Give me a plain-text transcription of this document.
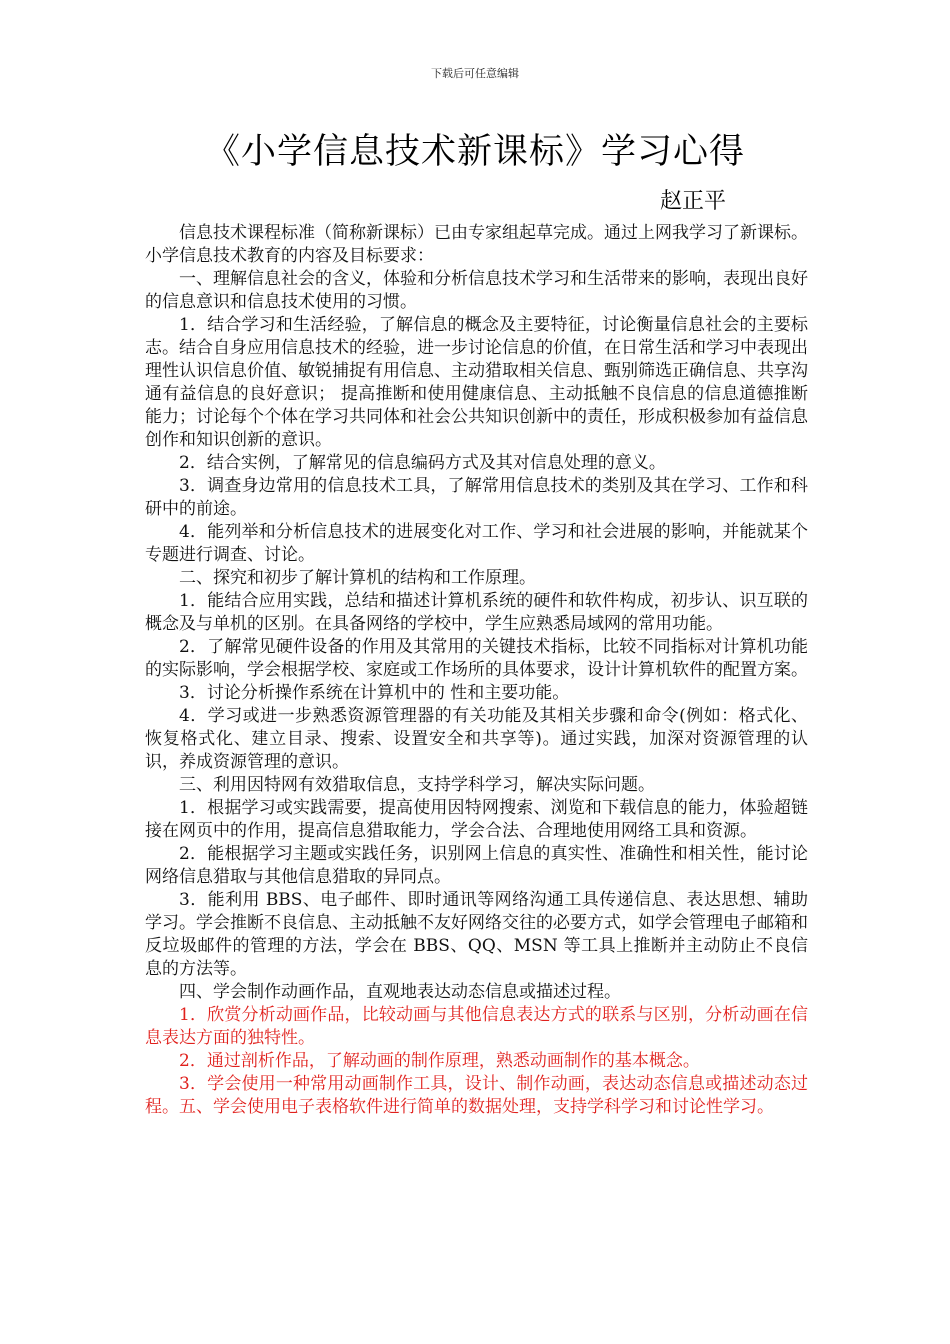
下载后可任意编辑
《小学信息技术新课标》学习心得
赵正平

信息技术课程标准（简称新课标）已由专家组起草完成。通过上网我学习了新课标。小学信息技术教育的内容及目标要求：

一、理解信息社会的含义，体验和分析信息技术学习和生活带来的影响，表现出良好的信息意识和信息技术使用的习惯。

1．结合学习和生活经验，了解信息的概念及主要特征，讨论衡量信息社会的主要标志。结合自身应用信息技术的经验，进一步讨论信息的价值，在日常生活和学习中表现出理性认识信息价值、敏锐捕捉有用信息、主动猎取相关信息、甄别筛选正确信息、共享沟通有益信息的良好意识； 提高推断和使用健康信息、主动抵触不良信息的信息道德推断能力；讨论每个个体在学习共同体和社会公共知识创新中的责任，形成积极参加有益信息创作和知识创新的意识。

2．结合实例，了解常见的信息编码方式及其对信息处理的意义。

3．调查身边常用的信息技术工具，了解常用信息技术的类别及其在学习、工作和科研中的前途。

4．能列举和分析信息技术的进展变化对工作、学习和社会进展的影响，并能就某个专题进行调查、讨论。

二、探究和初步了解计算机的结构和工作原理。

1．能结合应用实践，总结和描述计算机系统的硬件和软件构成，初步认、识互联的概念及与单机的区别。在具备网络的学校中，学生应熟悉局域网的常用功能。

2．了解常见硬件设备的作用及其常用的关键技术指标，比较不同指标对计算机功能的实际影响，学会根据学校、家庭或工作场所的具体要求，设计计算机软件的配置方案。

3．讨论分析操作系统在计算机中的 性和主要功能。

4．学习或进一步熟悉资源管理器的有关功能及其相关步骤和命令(例如：格式化、恢复格式化、建立目录、搜索、设置安全和共享等)。通过实践，加深对资源管理的认识，养成资源管理的意识。

三、利用因特网有效猎取信息，支持学科学习，解决实际问题。

1．根据学习或实践需要，提高使用因特网搜索、浏览和下载信息的能力，体验超链接在网页中的作用，提高信息猎取能力，学会合法、合理地使用网络工具和资源。

2．能根据学习主题或实践任务，识别网上信息的真实性、准确性和相关性，能讨论网络信息猎取与其他信息猎取的异同点。

3．能利用 BBS、电子邮件、即时通讯等网络沟通工具传递信息、表达思想、辅助学习。学会推断不良信息、主动抵触不友好网络交往的必要方式，如学会管理电子邮箱和反垃圾邮件的管理的方法，学会在 BBS、QQ、MSN 等工具上推断并主动防止不良信息的方法等。

四、学会制作动画作品，直观地表达动态信息或描述过程。

1．欣赏分析动画作品，比较动画与其他信息表达方式的联系与区别，分析动画在信息表达方面的独特性。

2．通过剖析作品，了解动画的制作原理，熟悉动画制作的基本概念。

3．学会使用一种常用动画制作工具，设计、制作动画，表达动态信息或描述动态过程。五、学会使用电子表格软件进行简单的数据处理，支持学科学习和讨论性学习。
